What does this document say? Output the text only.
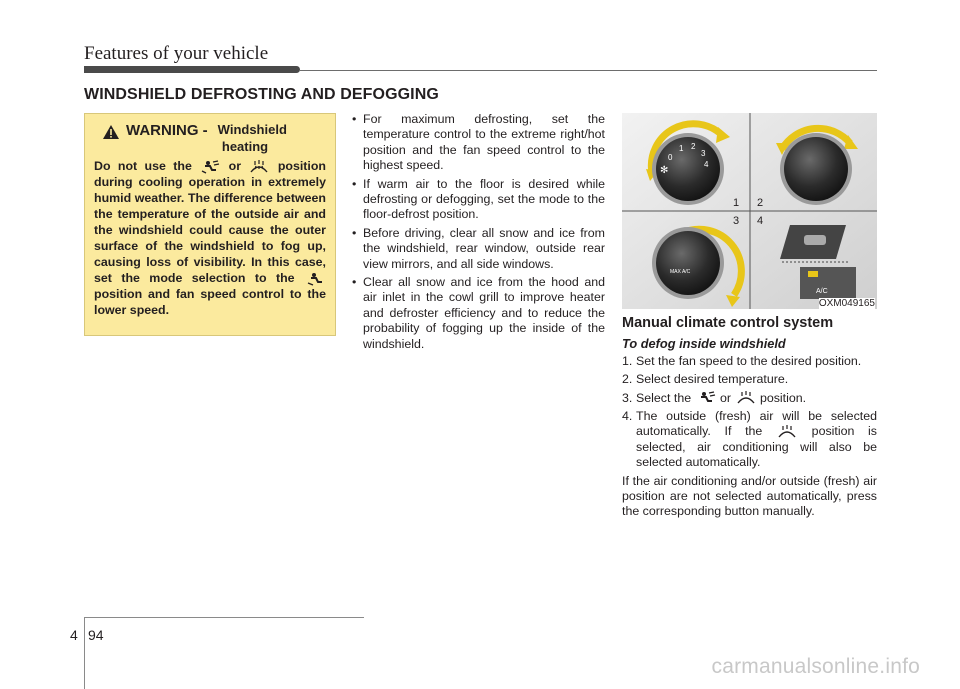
Features of your vehicle
WINDSHIELD DEFROSTING AND DEFOGGING
WARNING - Windshield
heating
Do not use the	or	position during cooling operation in extremely humid weather. The difference between the temperature of the outside air and the windshield could cause the outer surface of the windshield to fog up, causing loss of visibility. In this case, set the mode selection to the  position and fan speed control to the lower speed.
• For maximum defrosting, set the temperature control to the extreme right/hot position and the fan speed control to the highest speed.
• If warm air to the floor is desired while defrosting or defogging, set the mode to the floor-defrost position.
• Before driving, clear all snow and ice from the windshield, rear window, outside rear view mirrors, and all side windows.
• Clear all snow and ice from the hood and air inlet in the cowl grill to improve heater and defroster efficiency and to reduce the probability of fogging up the inside of the windshield.
0
1 2
3
4
✻
MAX A/C
A/C
1 2
3 4
OXM049165
Manual climate control system
To defog inside windshield
1. Set the fan speed to the desired position.
2. Select desired temperature.
3. Select the or position.
4. The outside (fresh) air will be selected automatically. If the	position is selected, air conditioning will also be selected automatically.
If the air conditioning and/or outside (fresh) air position are not selected automatically, press the corresponding button manually.
4 94
carmanualsonline.info
